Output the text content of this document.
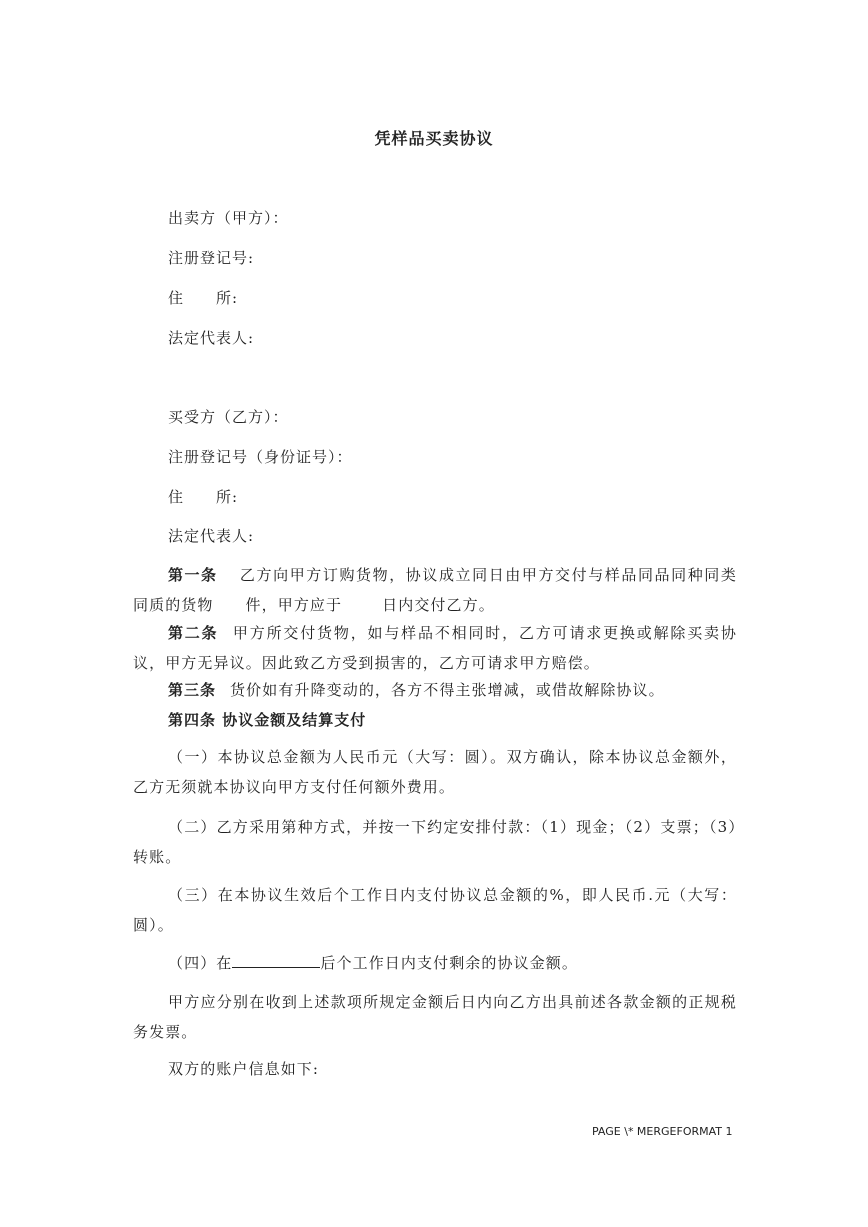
凭样品买卖协议
出卖方（甲方）：
注册登记号:
住　　所:
法定代表人:
买受方（乙方）：
注册登记号（身份证号）：
住　　所:
法定代表人:
第一条 乙方向甲方订购货物，协议成立同日由甲方交付与样品同品同种同类同质的货物 件，甲方应于	日内交付乙方。
第二条 甲方所交付货物，如与样品不相同时，乙方可请求更换或解除买卖协议，甲方无异议。因此致乙方受到损害的，乙方可请求甲方赔偿。
第三条 货价如有升降变动的，各方不得主张增减，或借故解除协议。
第四条 协议金额及结算支付
（一）本协议总金额为人民币元（大写：圆）。双方确认，除本协议总金额外，乙方无须就本协议向甲方支付任何额外费用。
（二）乙方采用第种方式，并按一下约定安排付款：（1）现金；（2）支票；（3）转账。
（三）在本协议生效后个工作日内支付协议总金额的%，即人民币.元（大写：圆）。
（四）在	后个工作日内支付剩余的协议金额。
甲方应分别在收到上述款项所规定金额后日内向乙方出具前述各款金额的正规税务发票。
双方的账户信息如下:
PAGE \* MERGEFORMAT 1
